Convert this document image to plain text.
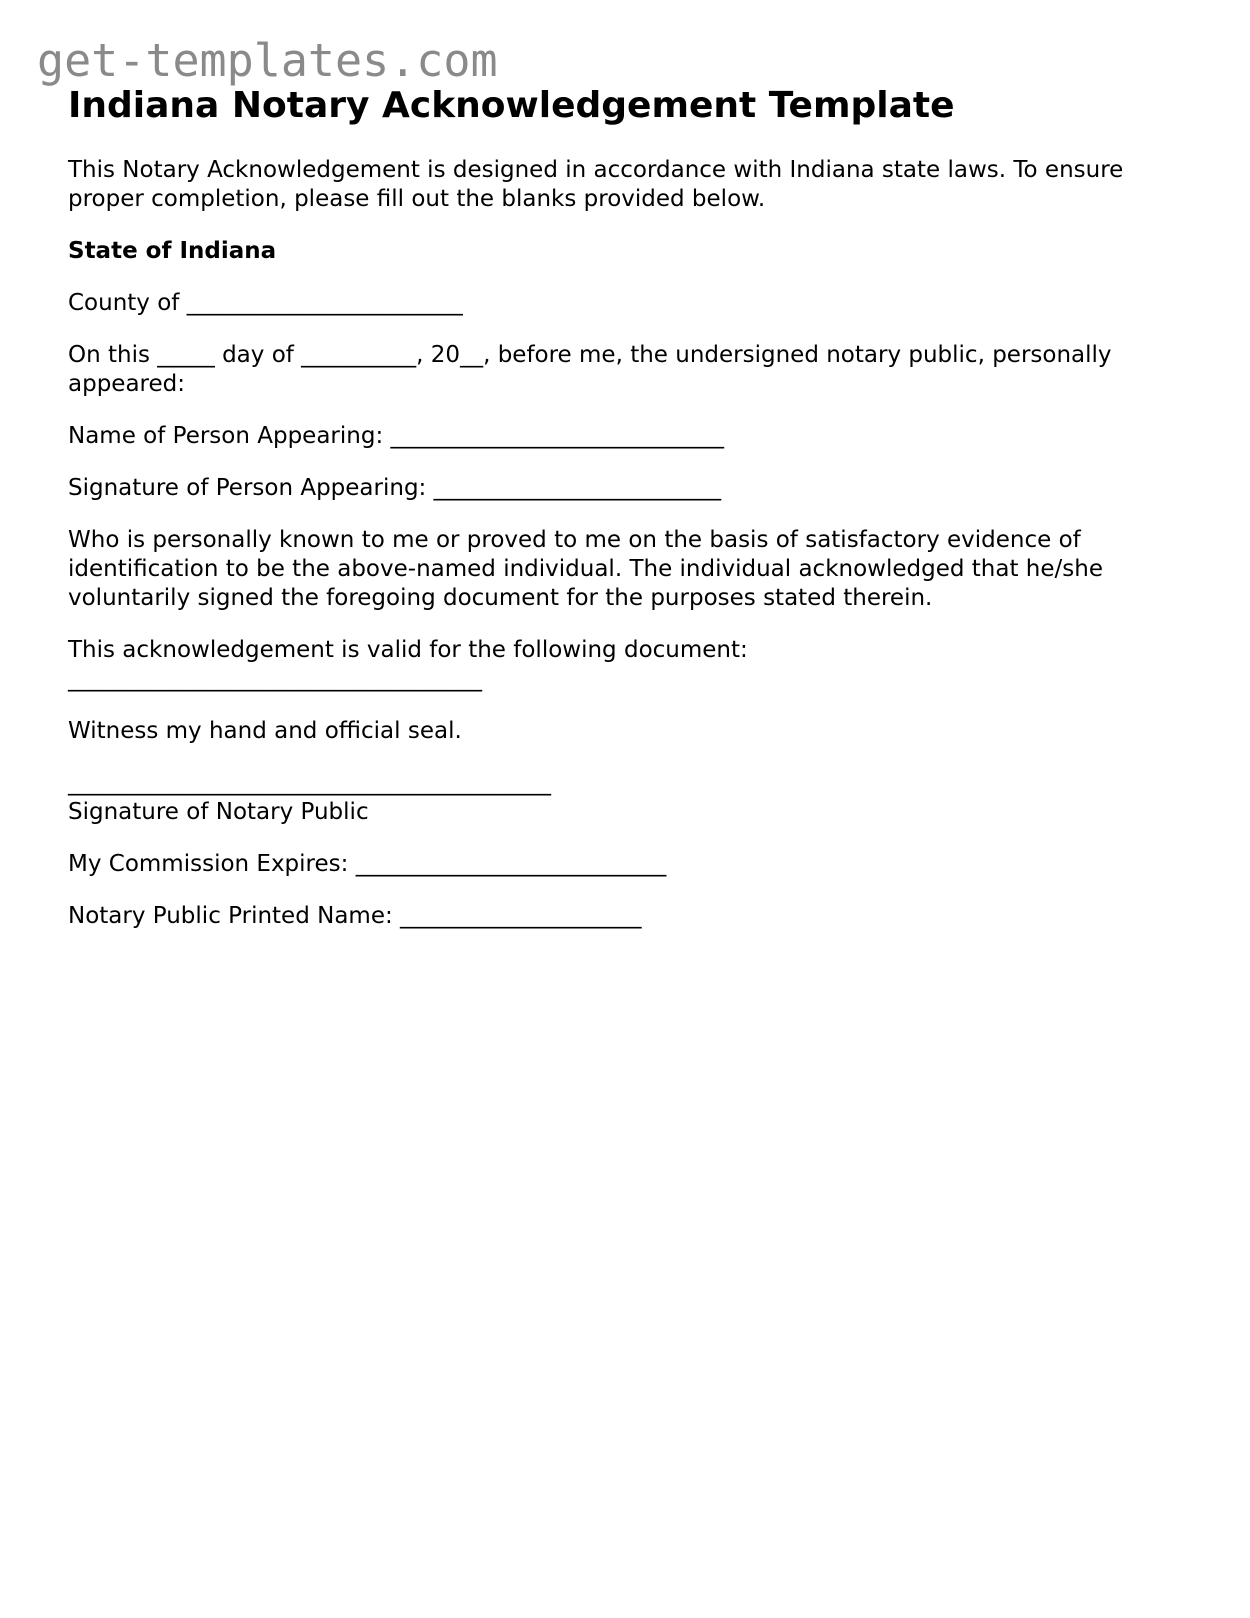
get-templates.com
Indiana Notary Acknowledgement Template

This Notary Acknowledgement is designed in accordance with Indiana state laws. To ensure proper completion, please fill out the blanks provided below.

State of Indiana

County of ________________________

On this _____ day of __________, 20__, before me, the undersigned notary public, personally appeared:

Name of Person Appearing: _____________________________

Signature of Person Appearing: _________________________

Who is personally known to me or proved to me on the basis of satisfactory evidence of identification to be the above-named individual. The individual acknowledged that he/she voluntarily signed the foregoing document for the purposes stated therein.

This acknowledgement is valid for the following document:

____________________________________

Witness my hand and official seal.

__________________________________________

Signature of Notary Public

My Commission Expires: ___________________________

Notary Public Printed Name: _____________________
